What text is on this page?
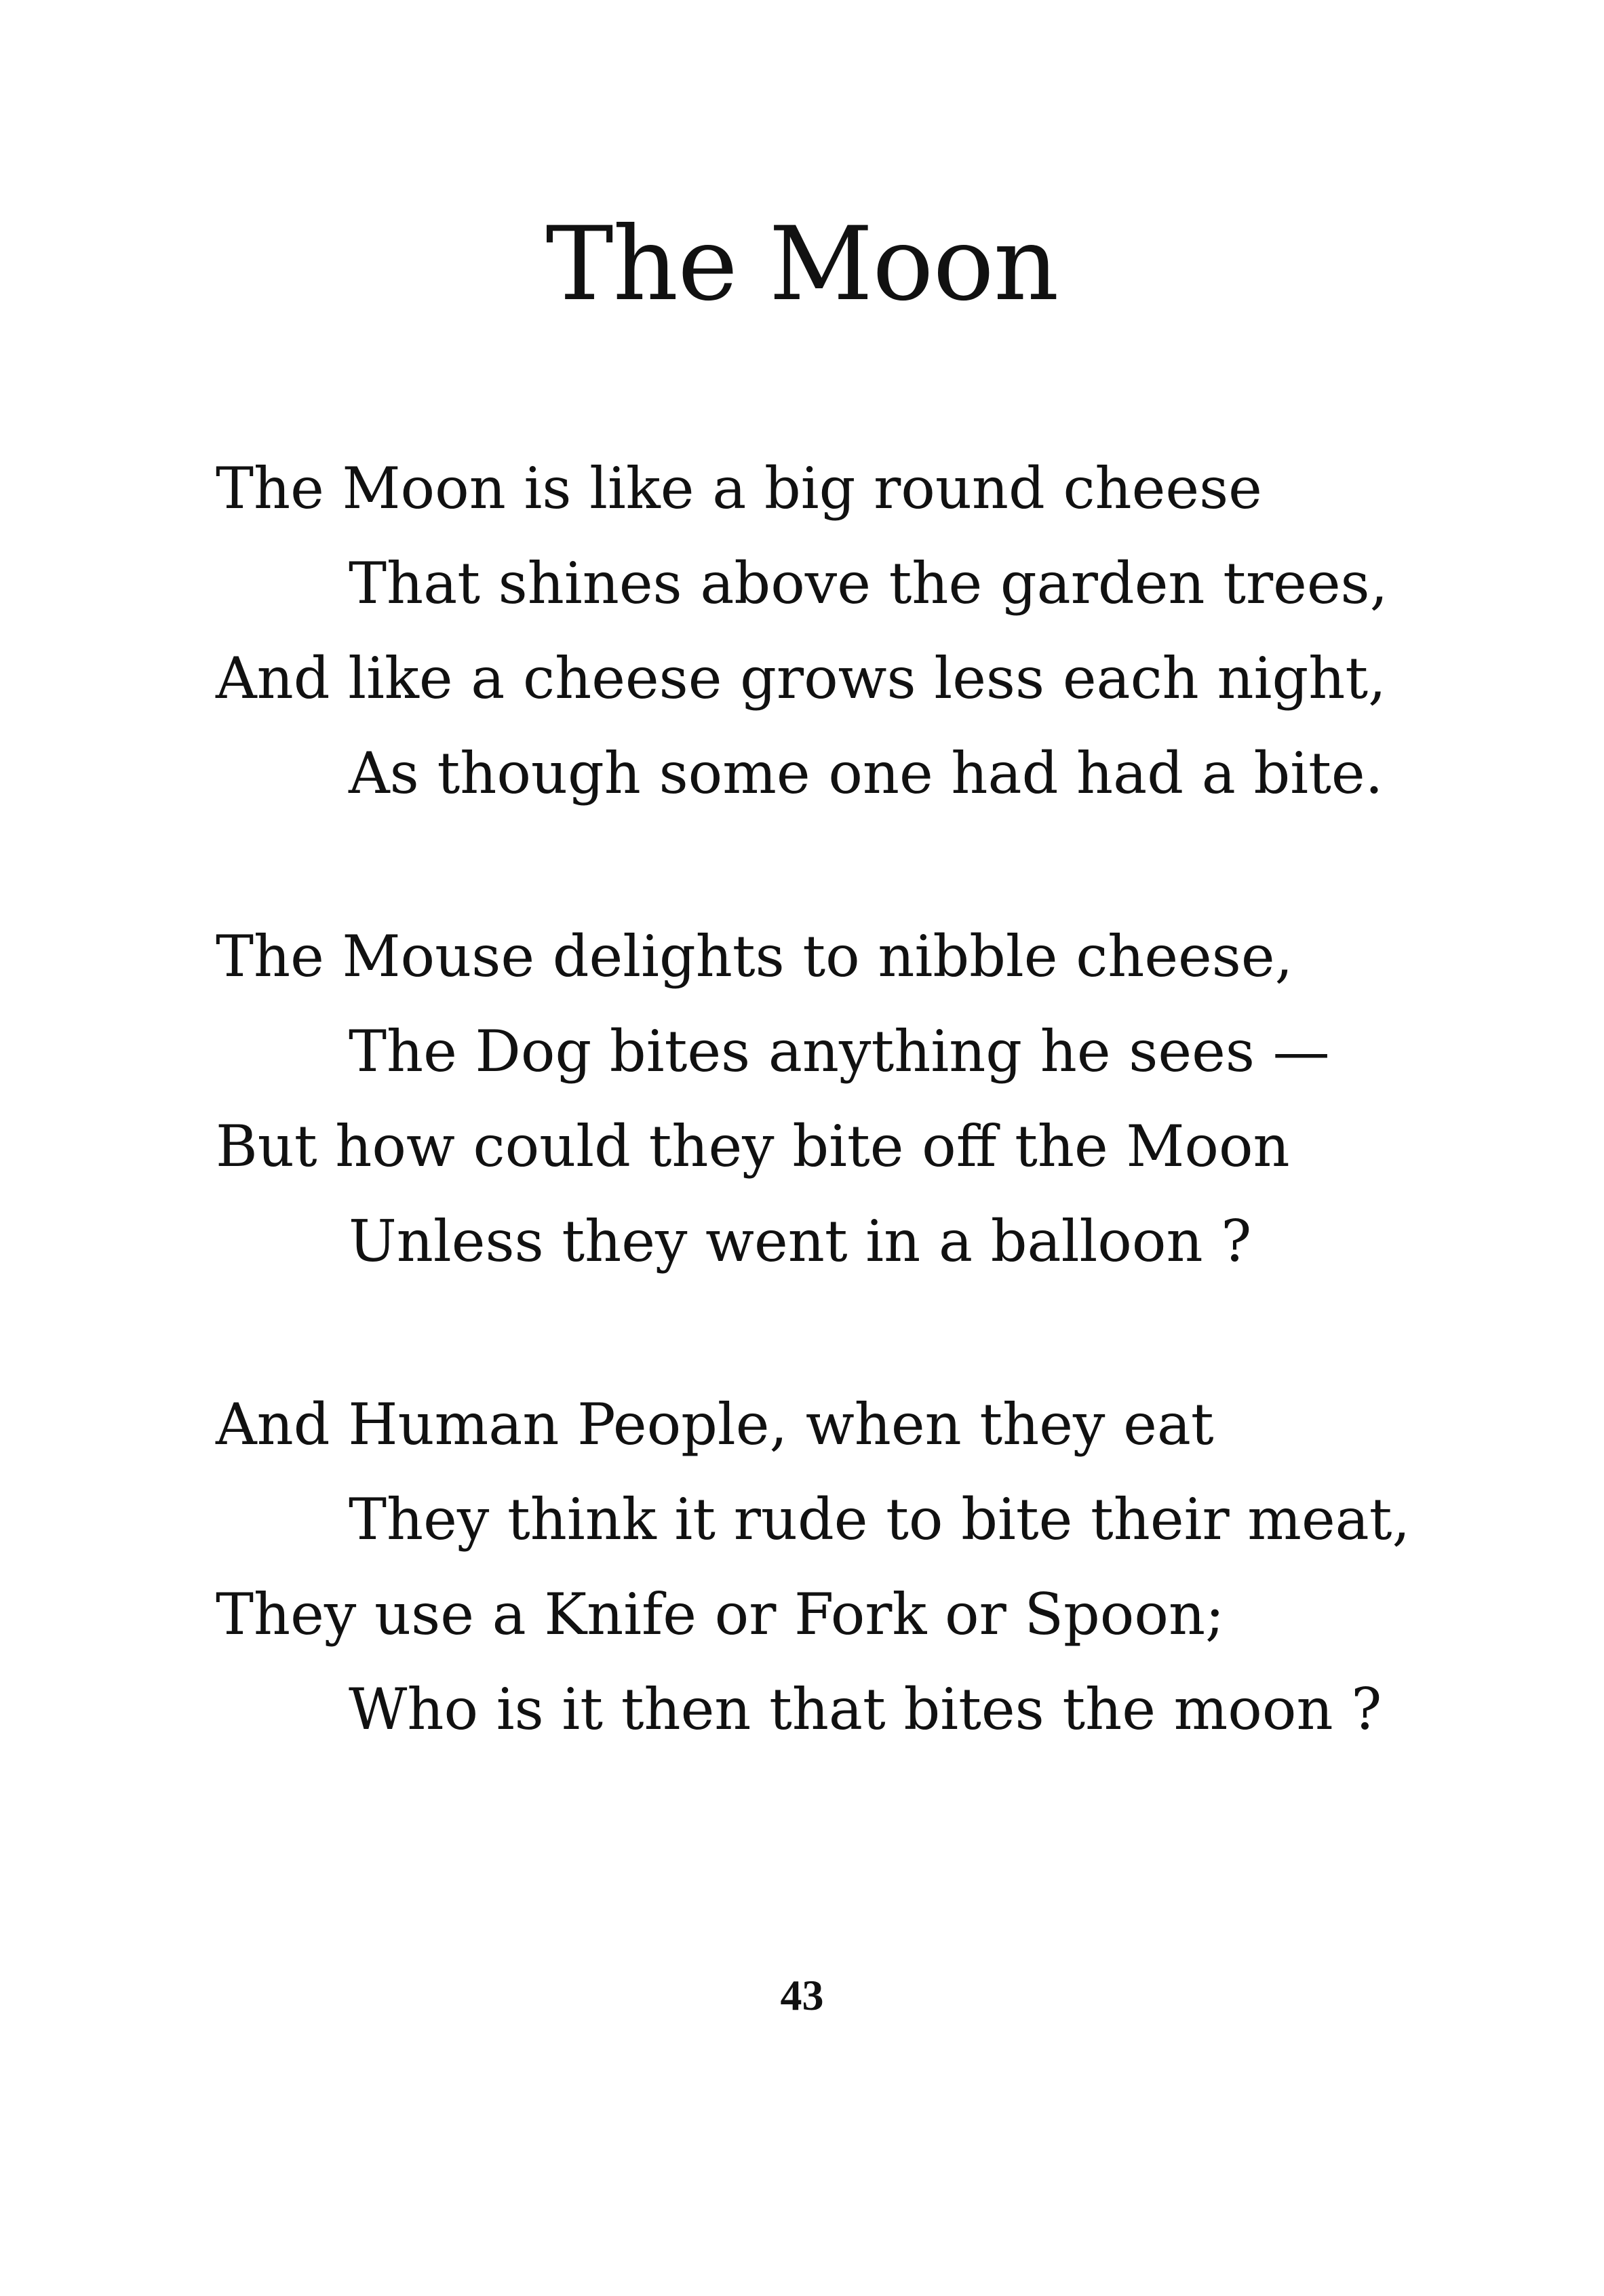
The Moon
The Moon is like a big round cheese
That shines above the garden trees,
And like a cheese grows less each night,
As though some one had had a bite.
The Mouse delights to nibble cheese,
The Dog bites anything he sees —
But how could they bite off the Moon
Unless they went in a balloon ?
And Human People, when they eat
They think it rude to bite their meat,
They use a Knife or Fork or Spoon;
Who is it then that bites the moon ?
43
